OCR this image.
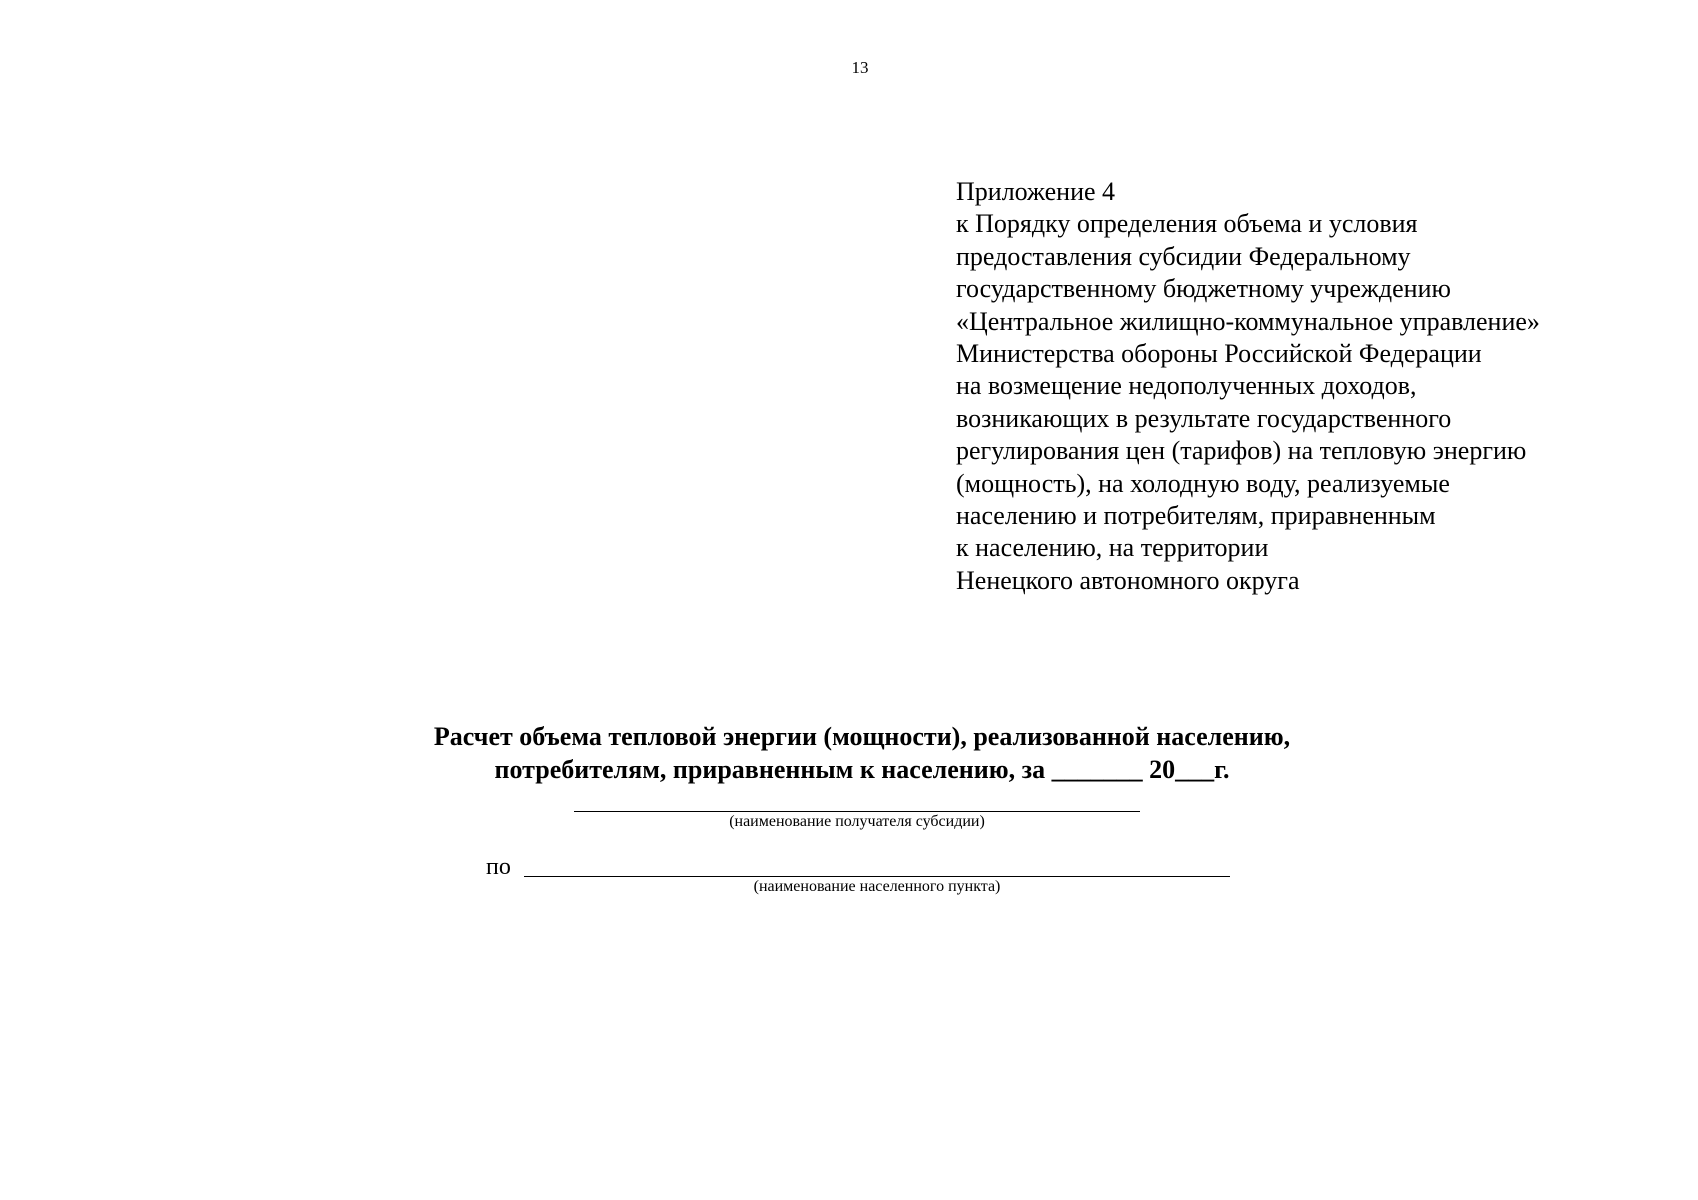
13
Приложение 4
к Порядку определения объема и условия
предоставления субсидии Федеральному
государственному бюджетному учреждению
«Центральное жилищно-коммунальное управление»
Министерства обороны Российской Федерации
на возмещение недополученных доходов,
возникающих в результате государственного
регулирования цен (тарифов) на тепловую энергию
(мощность), на холодную воду, реализуемые
населению и потребителям, приравненным
к населению, на территории
Ненецкого автономного округа
Расчет объема тепловой энергии (мощности), реализованной населению,
потребителям, приравненным к населению, за _______ 20___г.
(наименование получателя субсидии)
по
(наименование населенного пункта)
